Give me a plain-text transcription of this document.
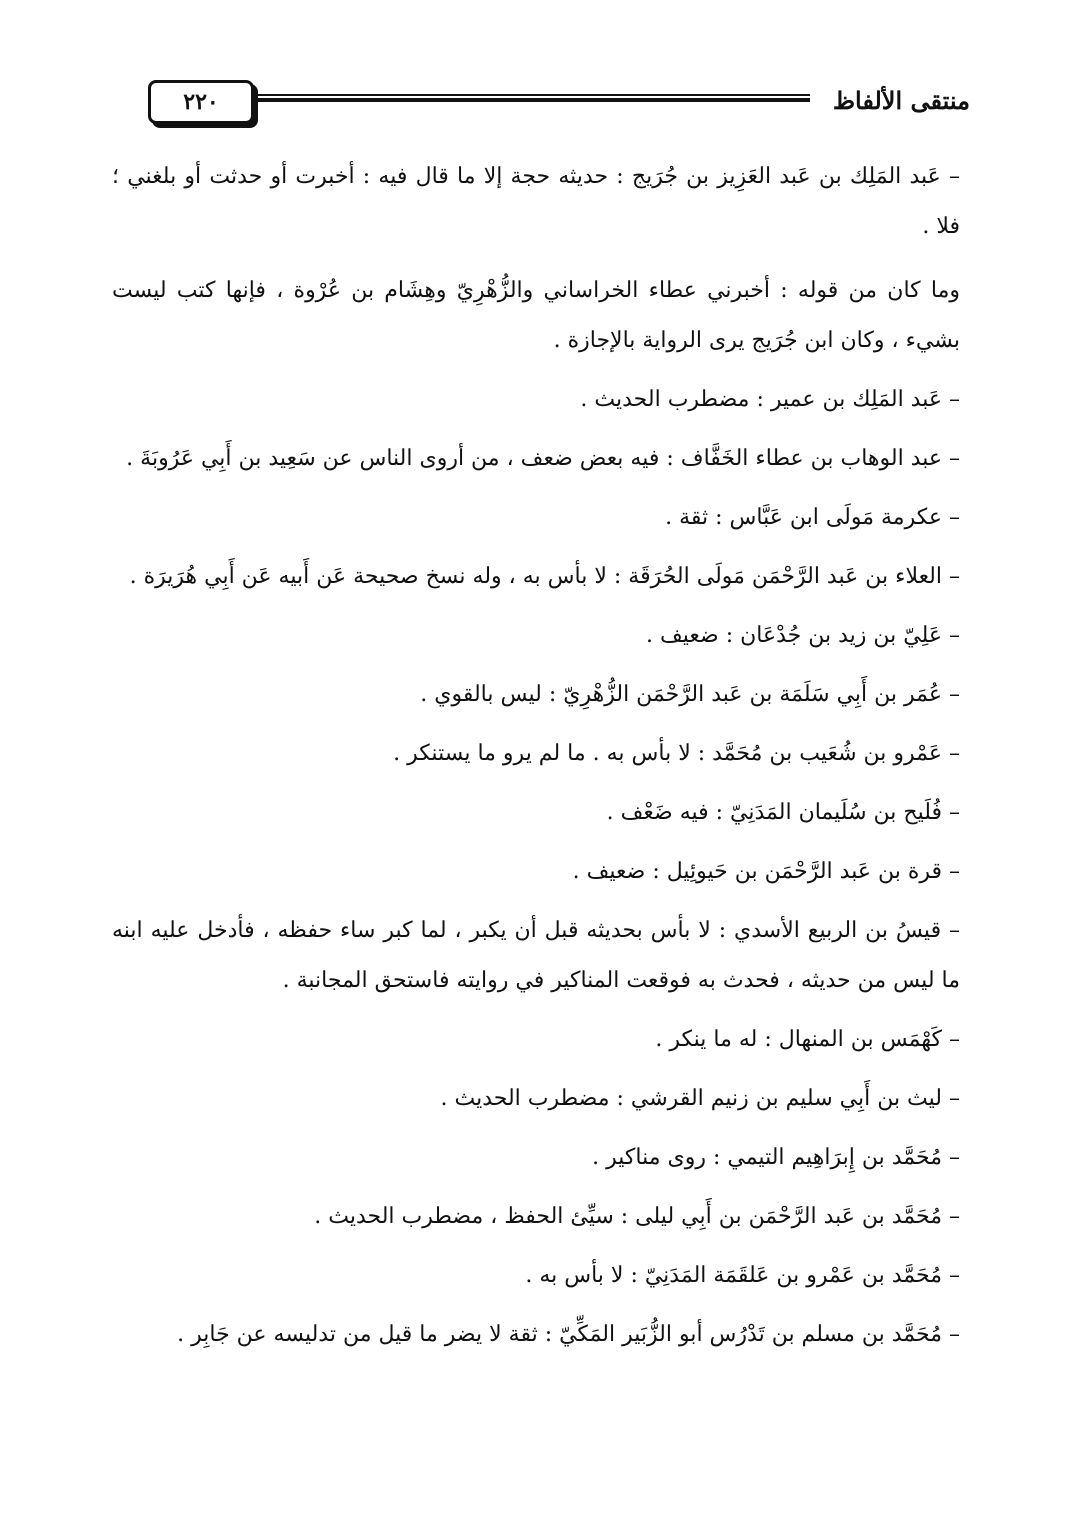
٢٢٠	منتقى الألفاظ

– عَبد المَلِك بن عَبد العَزِيز بن جُرَيج : حديثه حجة إلا ما قال فيه : أخبرت أو حدثت أو بلغني ؛ فلا .

وما كان من قوله : أخبرني عطاء الخراساني والزُّهْرِيّ وهِشَام بن عُرْوة ، فإنها كتب ليست بشيء ، وكان ابن جُرَيج يرى الرواية بالإجازة .

– عَبد المَلِك بن عمير : مضطرب الحديث .

– عبد الوهاب بن عطاء الخَفَّاف : فيه بعض ضعف ، من أروى الناس عن سَعِيد بن أَبِي عَرُوبَةَ .

– عكرمة مَولَى ابن عَبَّاس : ثقة .

– العلاء بن عَبد الرَّحْمَن مَولَى الحُرَقَة : لا بأس به ، وله نسخ صحيحة عَن أَبيه عَن أَبِي هُرَيرَة .

– عَلِيّ بن زيد بن جُدْعَان : ضعيف .

– عُمَر بن أَبِي سَلَمَة بن عَبد الرَّحْمَن الزُّهْرِيّ : ليس بالقوي .

– عَمْرو بن شُعَيب بن مُحَمَّد : لا بأس به . ما لم يرو ما يستنكر .

– فُلَيح بن سُلَيمان المَدَنِيّ : فيه ضَعْف .

– قرة بن عَبد الرَّحْمَن بن حَيوئِيل : ضعيف .

– قيسُ بن الربيع الأسدي : لا بأس بحديثه قبل أن يكبر ، لما كبر ساء حفظه ، فأدخل عليه ابنه ما ليس من حديثه ، فحدث به فوقعت المناكير في روايته فاستحق المجانبة .

– كَهْمَس بن المنهال : له ما ينكر .

– ليث بن أَبِي سليم بن زنيم القرشي : مضطرب الحديث .

– مُحَمَّد بن إِبرَاهِيم التيمي : روى مناكير .

– مُحَمَّد بن عَبد الرَّحْمَن بن أَبِي ليلى : سيِّئ الحفظ ، مضطرب الحديث .

– مُحَمَّد بن عَمْرو بن عَلقَمَة المَدَنِيّ : لا بأس به .

– مُحَمَّد بن مسلم بن تَدْرُس أبو الزُّبَير المَكِّيّ : ثقة لا يضر ما قيل من تدليسه عن جَابِر .
